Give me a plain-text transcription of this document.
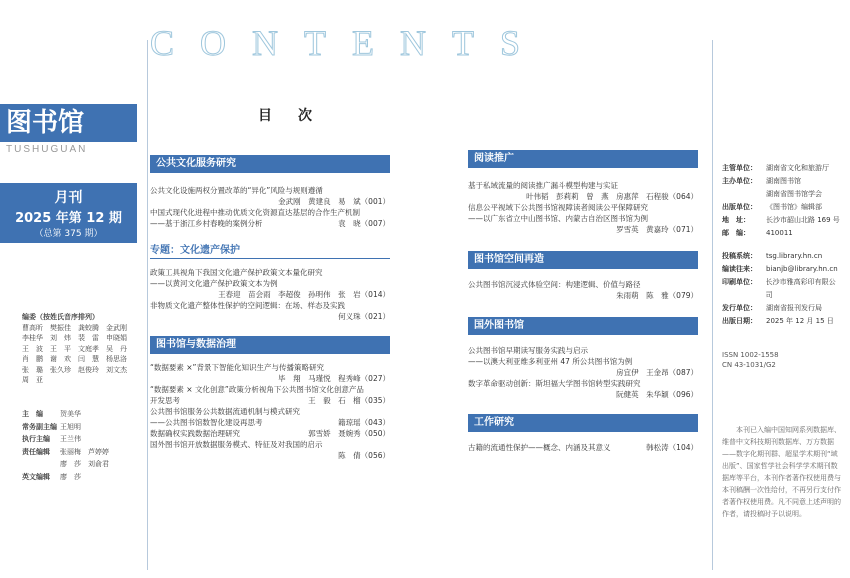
CONTENTS
图书馆
TUSHUGUAN
月刊
2025 年第 12 期
（总第 375 期）
编委（按姓氏音序排列）
曹高昕　樊振佳　龚蛟腾　金武刚
李桂华　刘　炜　裴　雷　申晓娟
王　波　王　平　文庭孝　吴　丹
肖　鹏　谢　欢　闫　慧　杨思洛
张　璐　张久珍　赵俊玲　刘文杰
周　亚
主　编	贺美华
常务副主编 王旭明
执行主编	王兰伟
责任编辑	张丽梅　芦婷婷
廖　莎　刘俞君
英文编辑	廖　莎
目　次
公共文化服务研究
公共文化设施两权分置改革的“异化”风险与规则遵循
金武刚　黄建良　易　斌（001）
中国式现代化进程中推动优质文化资源直达基层的合作生产机制
——基于浙江乡村春晚的案例分析	袁　晓（007）
专题：文化遗产保护
政策工具视角下我国文化遗产保护政策文本量化研究
——以黄河文化遗产保护政策文本为例
王春迎　苗会雨　李超俊　孙明伟　张　岩（014）
非物质文化遗产整体性保护的空间逻辑：在场、样态及实践
何义珠（021）
图书馆与数据治理
“数据要素 ×”背景下智能化知识生产与传播策略研究
毕　翔　马瑾悦　程秀峰（027）
“数据要素 × 文化创意”政策分析视角下公共图书馆文化创意产品
开发思考	王　毅　石　榴（035）
公共图书馆服务公共数据流通机制与模式研究
——公共图书馆数智化建设再思考	籍琼瑶（043）
数据确权实践数据治理研究	郭雪娇　聂婉秀（050）
国外图书馆开放数据服务模式、特征及对我国的启示
陈　倩（056）
阅读推广
基于私域流量的阅读推广漏斗模型构建与实证
叶伟韬　彭莉莉　曾　燕　房惠萍　石程骏（064）
信息公平视域下公共图书馆视障读者阅读公平保障研究
——以广东省立中山图书馆、内蒙古自治区图书馆为例
罗雪英　黄嘉玲（071）
图书馆空间再造
公共图书馆沉浸式体验空间：构建逻辑、价值与路径
朱雨萌　陈　雅（079）
国外图书馆
公共图书馆早期读写服务实践与启示
——以澳大利亚维多利亚州 47 所公共图书馆为例
房宜伊　王金昂（087）
数字革命驱动创新：斯坦福大学图书馆转型实践研究
阮健英　朱华颖（096）
工作研究
古籍的流通性保护——概念、内涵及其意义	韩松涛（104）
主管单位：	湖南省文化和旅游厅
主办单位：	湖南图书馆
湖南省图书馆学会
出版单位：	《图书馆》编辑部
地　址：	长沙市韶山北路 169 号
邮　编：	410011
投稿系统：	tsg.library.hn.cn
编读往来：	bianjb@library.hn.cn
印刷单位：	长沙市雅高彩印有限公司
发行单位：	湖南省报刊发行局
出版日期：	2025 年 12 月 15 日
ISSN 1002-1558
CN 43-1031/G2
本刊已入编中国知网系列数据库、维普中文科技期刊数据库、万方数据——数字化期刊群、超星学术期刊“域出版”、国家哲学社会科学学术期刊数据库等平台，本刊作者著作权使用费与本刊稿酬一次性给付，不再另行支付作者著作权使用费。凡不同意上述声明的作者，请投稿时予以说明。
